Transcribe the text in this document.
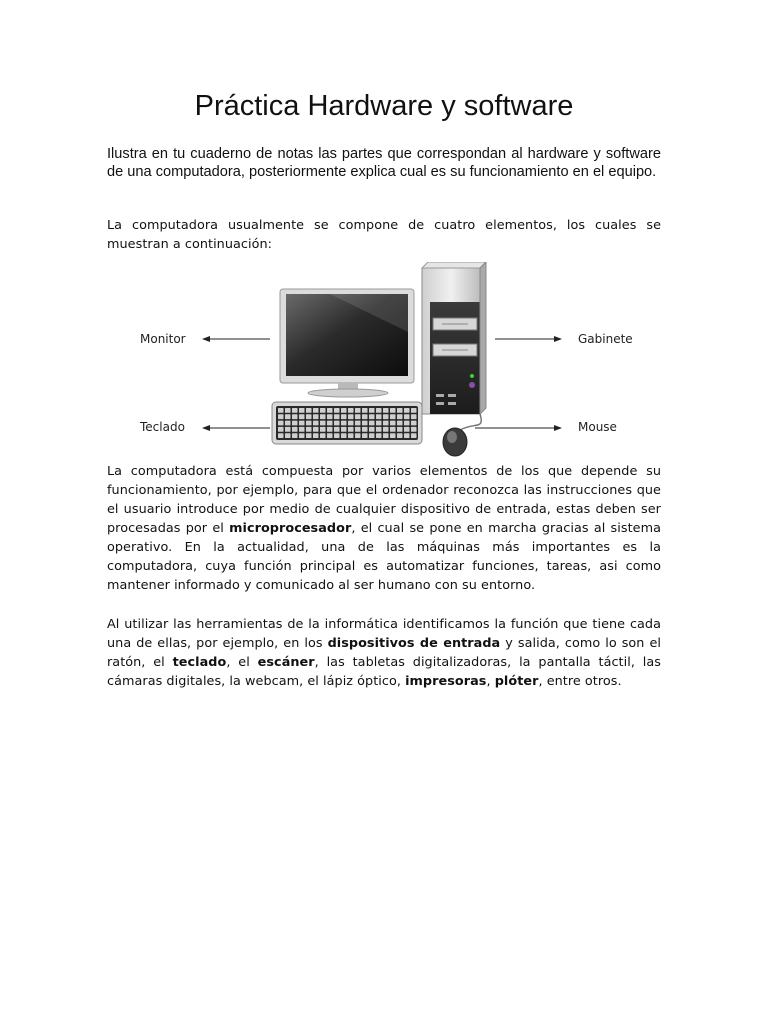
Práctica Hardware y software
Ilustra en tu cuaderno de notas las partes que correspondan al hardware y software de una computadora, posteriormente explica cual es su funcionamiento en el equipo.
La computadora usualmente se compone de cuatro elementos, los cuales se muestran a continuación:
Monitor	Gabinete
Teclado	Mouse
La computadora está compuesta por varios elementos de los que depende su funcionamiento, por ejemplo, para que el ordenador reconozca las instrucciones que el usuario introduce por medio de cualquier dispositivo de entrada, estas deben ser procesadas por el microprocesador, el cual se pone en marcha gracias al sistema operativo. En la actualidad, una de las máquinas más importantes es la computadora, cuya función principal es automatizar funciones, tareas, asi como mantener informado y comunicado al ser humano con su entorno.
Al utilizar las herramientas de la informática identificamos la función que tiene cada una de ellas, por ejemplo, en los dispositivos de entrada y salida, como lo son el ratón, el teclado, el escáner, las tabletas digitalizadoras, la pantalla táctil, las cámaras digitales, la webcam, el lápiz óptico, impresoras, plóter, entre otros.
